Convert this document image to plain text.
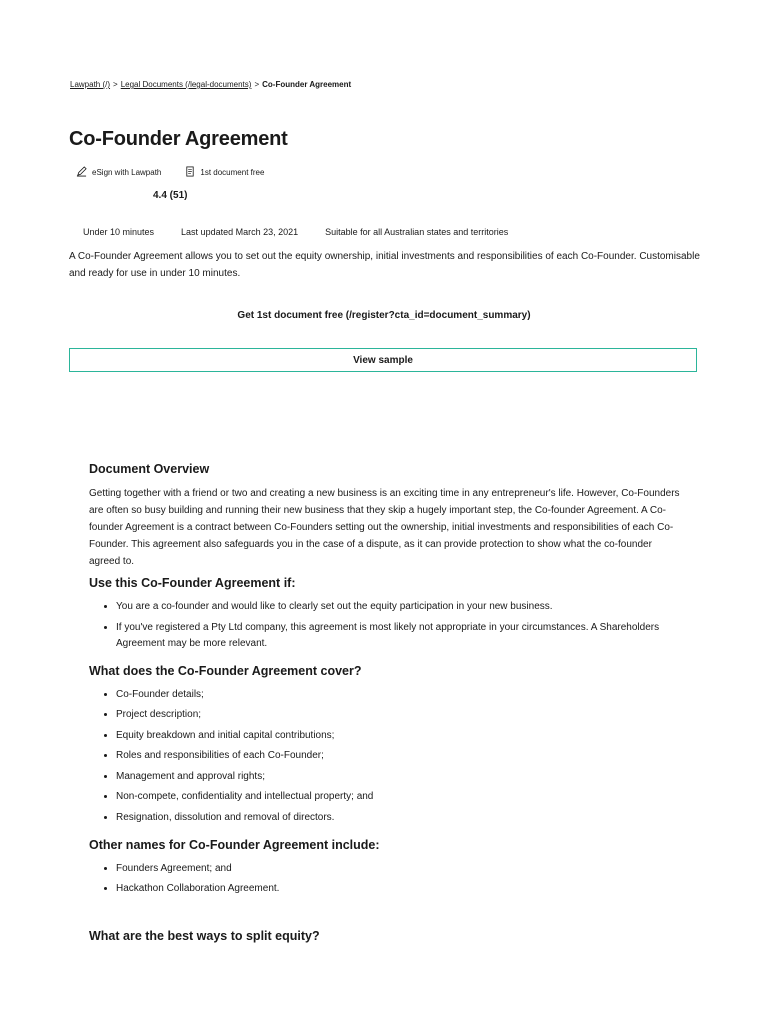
Lawpath (/) > Legal Documents (/legal-documents) > Co-Founder Agreement
Co-Founder Agreement
eSign with Lawpath	1st document free
4.4 (51)
Under 10 minutes	Last updated March 23, 2021	Suitable for all Australian states and territories

A Co-Founder Agreement allows you to set out the equity ownership, initial investments and responsibilities of each Co-Founder. Customisable and ready for use in under 10 minutes.

Get 1st document free (/register?cta_id=document_summary)
View sample
Document Overview

Getting together with a friend or two and creating a new business is an exciting time in any entrepreneur's life. However, Co-Founders are often so busy building and running their new business that they skip a hugely important step, the Co-founder Agreement. A Co-founder Agreement is a contract between Co-Founders setting out the ownership, initial investments and responsibilities of each Co-Founder. This agreement also safeguards you in the case of a dispute, as it can provide protection to show what the co-founder agreed to.

Use this Co-Founder Agreement if:
• You are a co-founder and would like to clearly set out the equity participation in your new business.
• If you've registered a Pty Ltd company, this agreement is most likely not appropriate in your circumstances. A Shareholders Agreement may be more relevant.
What does the Co-Founder Agreement cover?
• Co-Founder details;
• Project description;
• Equity breakdown and initial capital contributions;
• Roles and responsibilities of each Co-Founder;
• Management and approval rights;
• Non-compete, confidentiality and intellectual property; and
• Resignation, dissolution and removal of directors.
Other names for Co-Founder Agreement include:
• Founders Agreement; and
• Hackathon Collaboration Agreement.
What are the best ways to split equity?
